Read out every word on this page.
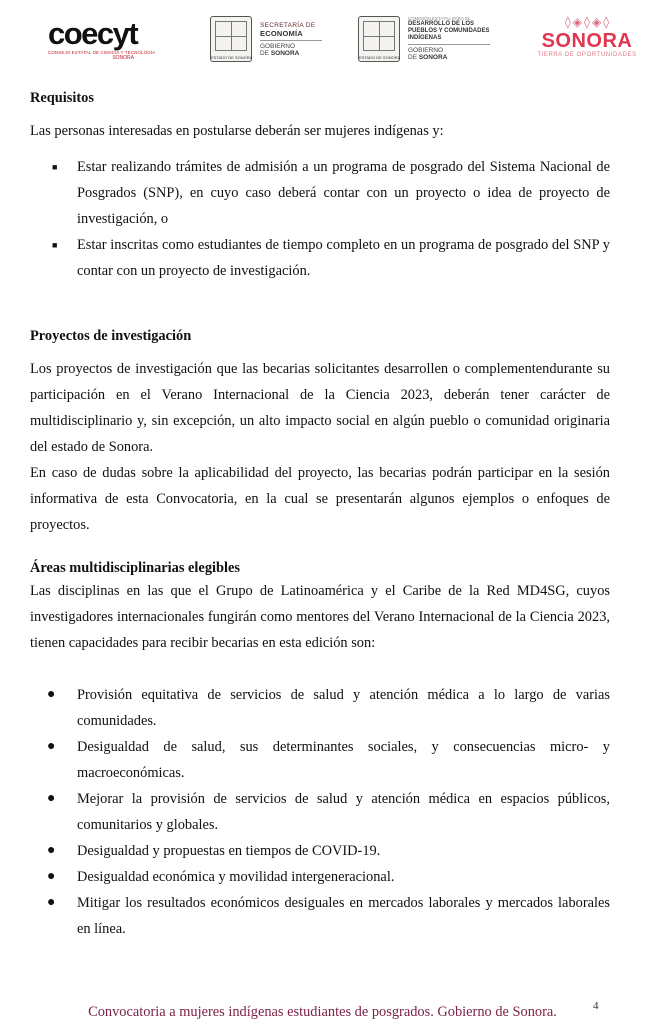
coecyt
CONSEJO ESTATAL DE CIENCIA Y TECNOLOGÍA
SONORA	ESTADO DE SONORA
SECRETARÍA DE
ECONOMÍA
GOBIERNO
DE SONORA
ESTADO DE SONORA
COMISIÓN ESTATAL PARA EL
DESARROLLO DE LOS
PUEBLOS Y COMUNIDADES
INDÍGENAS
GOBIERNO
DE SONORA
◊ ◈ ◊ ◈ ◊
SONORA
TIERRA DE OPORTUNIDADES

Requisitos

Las personas interesadas en postularse deberán ser mujeres indígenas y:

■ Estar realizando trámites de admisión a un programa de posgrado del Sistema Nacional de Posgrados (SNP), en cuyo caso deberá contar con un proyecto o idea de proyecto de investigación, o
■ Estar inscritas como estudiantes de tiempo completo en un programa de posgrado del SNP y contar con un proyecto de investigación.

Proyectos de investigación

Los proyectos de investigación que las becarias solicitantes desarrollen o complementendurante su participación en el Verano Internacional de la Ciencia 2023, deberán tener carácter de multidisciplinario y, sin excepción, un alto impacto social en algún pueblo o comunidad originaria del estado de Sonora.

En caso de dudas sobre la aplicabilidad del proyecto, las becarias podrán participar en la sesión informativa de esta Convocatoria, en la cual se presentarán algunos ejemplos o enfoques de proyectos.

Áreas multidisciplinarias elegibles

Las disciplinas en las que el Grupo de Latinoamérica y el Caribe de la Red MD4SG, cuyos investigadores internacionales fungirán como mentores del Verano Internacional de la Ciencia 2023, tienen capacidades para recibir becarias en esta edición son:

● Provisión equitativa de servicios de salud y atención médica a lo largo de varias comunidades.
● Desigualdad de salud, sus determinantes sociales, y consecuencias micro- y macroeconómicas.
● Mejorar la provisión de servicios de salud y atención médica en espacios públicos, comunitarios y globales.
● Desigualdad y propuestas en tiempos de COVID-19.
● Desigualdad económica y movilidad intergeneracional.
● Mitigar los resultados económicos desiguales en mercados laborales y mercados laborales en línea.
4
Convocatoria a mujeres indígenas estudiantes de posgrados. Gobierno de Sonora.
